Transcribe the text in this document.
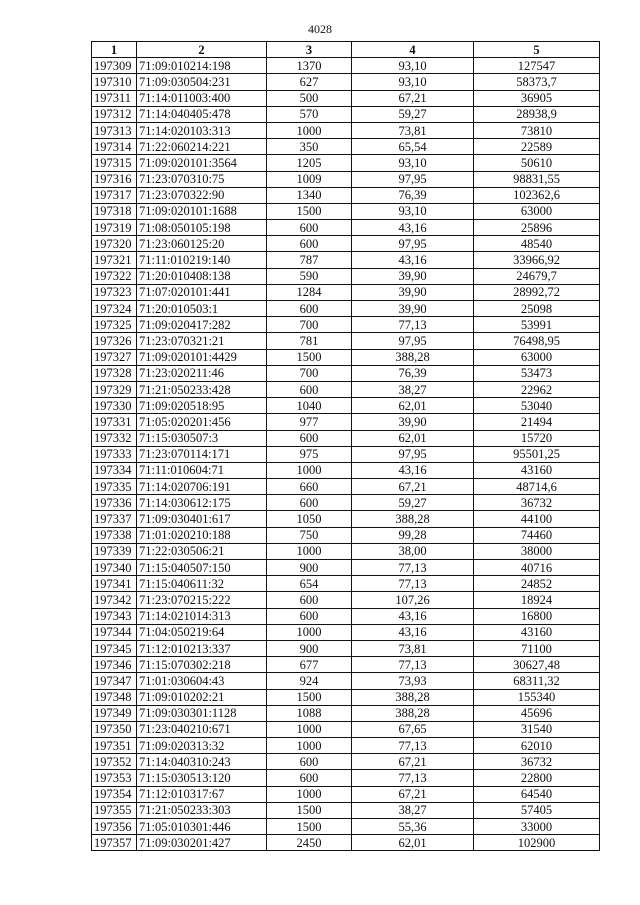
4028
1	2	3	4	5
197309	71:09:010214:198	1370	93,10	127547
197310	71:09:030504:231	627	93,10	58373,7
197311	71:14:011003:400	500	67,21	36905
197312	71:14:040405:478	570	59,27	28938,9
197313	71:14:020103:313	1000	73,81	73810
197314	71:22:060214:221	350	65,54	22589
197315	71:09:020101:3564	1205	93,10	50610
197316	71:23:070310:75	1009	97,95	98831,55
197317	71:23:070322:90	1340	76,39	102362,6
197318	71:09:020101:1688	1500	93,10	63000
197319	71:08:050105:198	600	43,16	25896
197320	71:23:060125:20	600	97,95	48540
197321	71:11:010219:140	787	43,16	33966,92
197322	71:20:010408:138	590	39,90	24679,7
197323	71:07:020101:441	1284	39,90	28992,72
197324	71:20:010503:1	600	39,90	25098
197325	71:09:020417:282	700	77,13	53991
197326	71:23:070321:21	781	97,95	76498,95
197327	71:09:020101:4429	1500	388,28	63000
197328	71:23:020211:46	700	76,39	53473
197329	71:21:050233:428	600	38,27	22962
197330	71:09:020518:95	1040	62,01	53040
197331	71:05:020201:456	977	39,90	21494
197332	71:15:030507:3	600	62,01	15720
197333	71:23:070114:171	975	97,95	95501,25
197334	71:11:010604:71	1000	43,16	43160
197335	71:14:020706:191	660	67,21	48714,6
197336	71:14:030612:175	600	59,27	36732
197337	71:09:030401:617	1050	388,28	44100
197338	71:01:020210:188	750	99,28	74460
197339	71:22:030506:21	1000	38,00	38000
197340	71:15:040507:150	900	77,13	40716
197341	71:15:040611:32	654	77,13	24852
197342	71:23:070215:222	600	107,26	18924
197343	71:14:021014:313	600	43,16	16800
197344	71:04:050219:64	1000	43,16	43160
197345	71:12:010213:337	900	73,81	71100
197346	71:15:070302:218	677	77,13	30627,48
197347	71:01:030604:43	924	73,93	68311,32
197348	71:09:010202:21	1500	388,28	155340
197349	71:09:030301:1128	1088	388,28	45696
197350	71:23:040210:671	1000	67,65	31540
197351	71:09:020313:32	1000	77,13	62010
197352	71:14:040310:243	600	67,21	36732
197353	71:15:030513:120	600	77,13	22800
197354	71:12:010317:67	1000	67,21	64540
197355	71:21:050233:303	1500	38,27	57405
197356	71:05:010301:446	1500	55,36	33000
197357	71:09:030201:427	2450	62,01	102900
